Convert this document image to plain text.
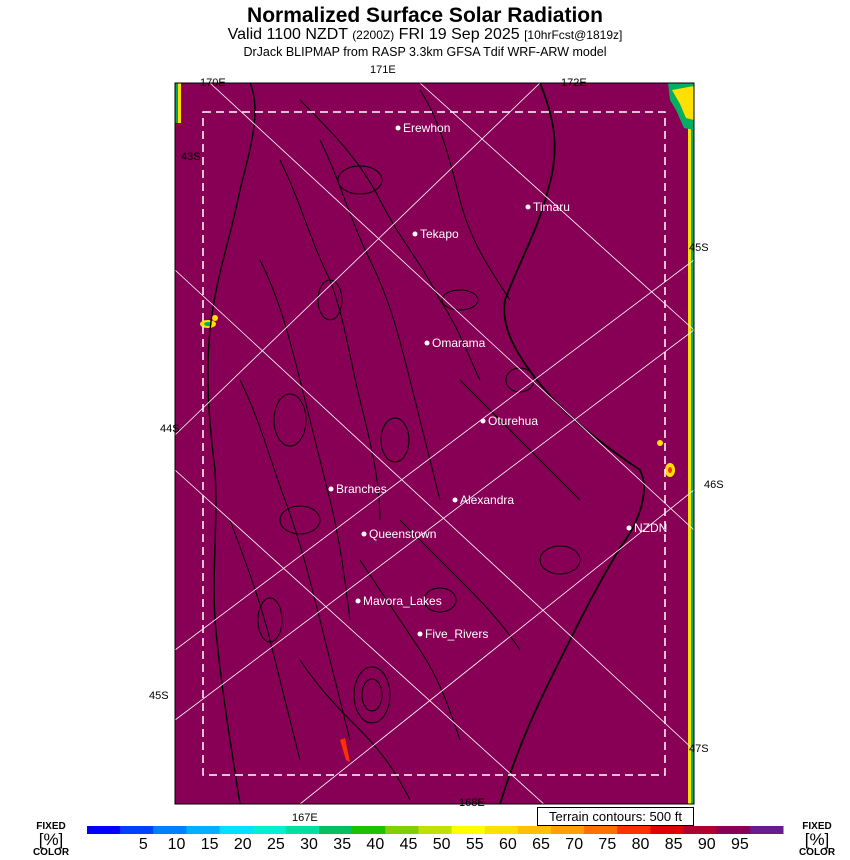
Normalized Surface Solar Radiation
Valid 1100 NZDT (2200Z) FRI 19 Sep 2025 [10hrFcst@1819z]
DrJack BLIPMAP from RASP 3.3km GFSA Tdif WRF-ARW model
170E
171E
172E
43S
44S
45S
45S
46S
47S
167E
168E
Erewhon
Timaru
Tekapo
Omarama
Oturehua
Branches
Alexandra
Queenstown	NZDN
Mavora_Lakes
Five_Rivers
Terrain contours: 500 ft
FIXED
[%]
COLOR
FIXED
[%]
COLOR
5 10 15 20 25 30 35 40 45 50 55 60 65 70 75 80 85 90 95
